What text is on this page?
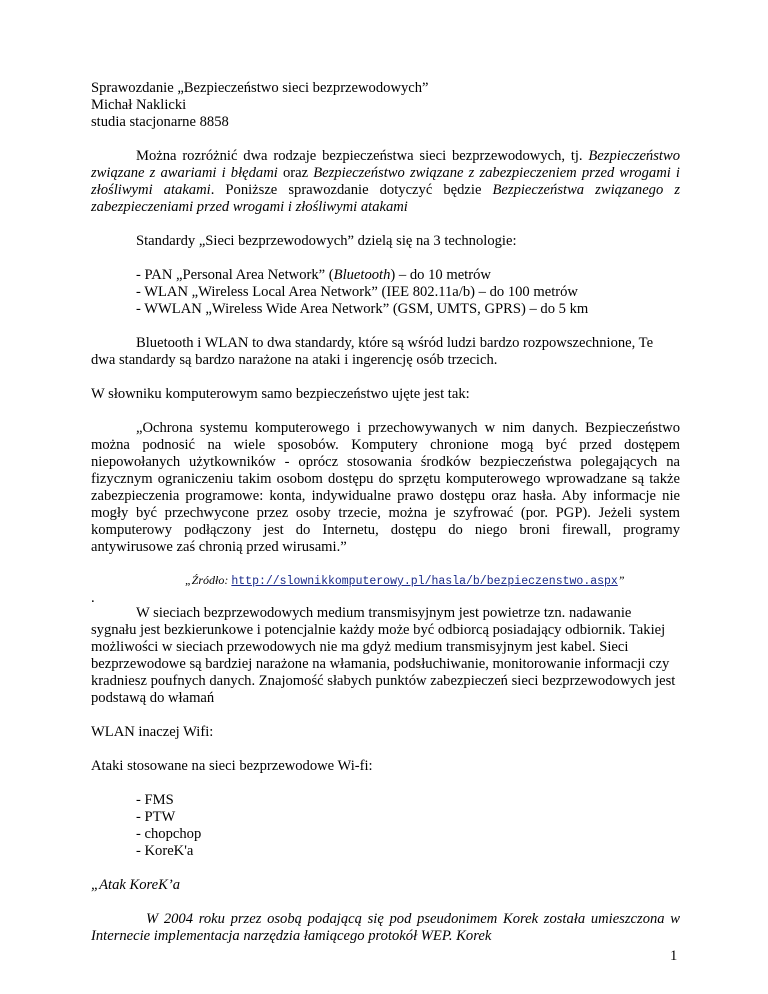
Sprawozdanie „Bezpieczeństwo sieci bezprzewodowych”

Michał Naklicki

studia stacjonarne 8858

Można rozróżnić dwa rodzaje bezpieczeństwa sieci bezprzewodowych, tj. Bezpieczeństwo związane z awariami i błędami oraz Bezpieczeństwo związane z zabezpieczeniem przed wrogami i złośliwymi atakami. Poniższe sprawozdanie dotyczyć będzie Bezpieczeństwa związanego z zabezpieczeniami przed wrogami i złośliwymi atakami

Standardy „Sieci bezprzewodowych” dzielą się na 3 technologie:

- PAN „Personal Area Network” (Bluetooth) – do 10 metrów

- WLAN „Wireless Local Area Network” (IEE 802.11a/b) – do 100 metrów

- WWLAN „Wireless Wide Area Network” (GSM, UMTS, GPRS) – do 5 km

Bluetooth i WLAN to dwa standardy, które są wśród ludzi bardzo rozpowszechnione, Te dwa standardy są bardzo narażone na ataki i ingerencję osób trzecich.

W słowniku komputerowym samo bezpieczeństwo ujęte jest tak:

„Ochrona systemu komputerowego i przechowywanych w nim danych. Bezpieczeństwo można podnosić na wiele sposobów. Komputery chronione mogą być przed dostępem niepowołanych użytkowników - oprócz stosowania środków bezpieczeństwa polegających na fizycznym ograniczeniu takim osobom dostępu do sprzętu komputerowego wprowadzane są także zabezpieczenia programowe: konta, indywidualne prawo dostępu oraz hasła. Aby informacje nie mogły być przechwycone przez osoby trzecie, można je szyfrować (por. PGP). Jeżeli system komputerowy podłączony jest do Internetu, dostępu do niego broni firewall, programy antywirusowe zaś chronią przed wirusami.”

„Źródło: http://slownikkomputerowy.pl/hasla/b/bezpieczenstwo.aspx”

.

W sieciach bezprzewodowych medium transmisyjnym jest powietrze tzn. nadawanie sygnału jest bezkierunkowe i potencjalnie każdy może być odbiorcą posiadający odbiornik. Takiej możliwości w sieciach przewodowych nie ma gdyż medium transmisyjnym jest kabel. Sieci bezprzewodowe są bardziej narażone na włamania, podsłuchiwanie, monitorowanie informacji czy kradniesz poufnych danych. Znajomość słabych punktów zabezpieczeń sieci bezprzewodowych jest podstawą do włamań

WLAN inaczej Wifi:

Ataki stosowane na sieci bezprzewodowe Wi-fi:

- FMS

- PTW

- chopchop

- KoreK'a

„Atak KoreK’a

W 2004 roku przez osobą podającą się pod pseudonimem Korek została umieszczona w Internecie implementacja narzędzia łamiącego protokół WEP. Korek

1
